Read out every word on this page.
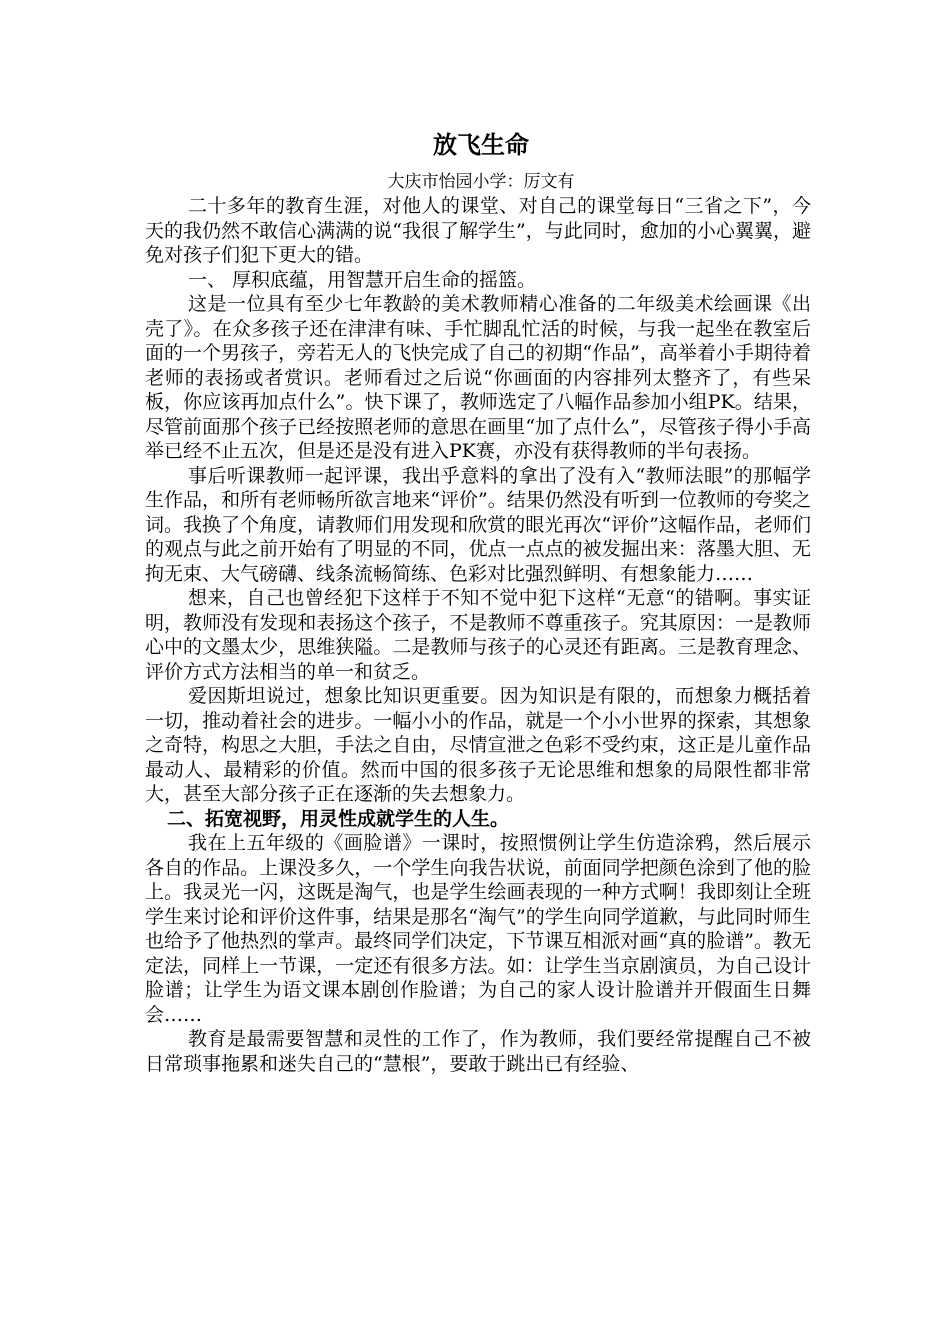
放飞生命
大庆市怡园小学：厉文有

二十多年的教育生涯，对他人的课堂、对自己的课堂每日“三省之下”，今天的我仍然不敢信心满满的说“我很了解学生”，与此同时，愈加的小心翼翼，避免对孩子们犯下更大的错。

一、 厚积底蕴，用智慧开启生命的摇篮。

这是一位具有至少七年教龄的美术教师精心准备的二年级美术绘画课《出壳了》。在众多孩子还在津津有味、手忙脚乱忙活的时候，与我一起坐在教室后面的一个男孩子，旁若无人的飞快完成了自己的初期“作品”，高举着小手期待着老师的表扬或者赏识。老师看过之后说“你画面的内容排列太整齐了，有些呆板，你应该再加点什么”。快下课了，教师选定了八幅作品参加小组PK。结果，尽管前面那个孩子已经按照老师的意思在画里“加了点什么”，尽管孩子得小手高举已经不止五次，但是还是没有进入PK赛，亦没有获得教师的半句表扬。

事后听课教师一起评课，我出乎意料的拿出了没有入“教师法眼”的那幅学生作品，和所有老师畅所欲言地来“评价”。结果仍然没有听到一位教师的夸奖之词。我换了个角度，请教师们用发现和欣赏的眼光再次“评价”这幅作品，老师们的观点与此之前开始有了明显的不同，优点一点点的被发掘出来：落墨大胆、无拘无束、大气磅礴、线条流畅简练、色彩对比强烈鲜明、有想象能力……

想来，自己也曾经犯下这样于不知不觉中犯下这样“无意“的错啊。事实证明，教师没有发现和表扬这个孩子，不是教师不尊重孩子。究其原因：一是教师心中的文墨太少，思维狭隘。二是教师与孩子的心灵还有距离。三是教育理念、评价方式方法相当的单一和贫乏。

爱因斯坦说过，想象比知识更重要。因为知识是有限的，而想象力概括着一切，推动着社会的进步。一幅小小的作品，就是一个小小世界的探索，其想象之奇特，构思之大胆，手法之自由，尽情宣泄之色彩不受约束，这正是儿童作品最动人、最精彩的价值。然而中国的很多孩子无论思维和想象的局限性都非常大，甚至大部分孩子正在逐渐的失去想象力。

二、拓宽视野，用灵性成就学生的人生。

我在上五年级的《画脸谱》一课时，按照惯例让学生仿造涂鸦，然后展示各自的作品。上课没多久，一个学生向我告状说，前面同学把颜色涂到了他的脸上。我灵光一闪，这既是淘气，也是学生绘画表现的一种方式啊！我即刻让全班学生来讨论和评价这件事，结果是那名“淘气”的学生向同学道歉，与此同时师生也给予了他热烈的掌声。最终同学们决定，下节课互相派对画“真的脸谱”。教无定法，同样上一节课，一定还有很多方法。如：让学生当京剧演员，为自己设计脸谱；让学生为语文课本剧创作脸谱；为自己的家人设计脸谱并开假面生日舞会……

教育是最需要智慧和灵性的工作了，作为教师，我们要经常提醒自己不被日常琐事拖累和迷失自己的“慧根”，要敢于跳出已有经验、
